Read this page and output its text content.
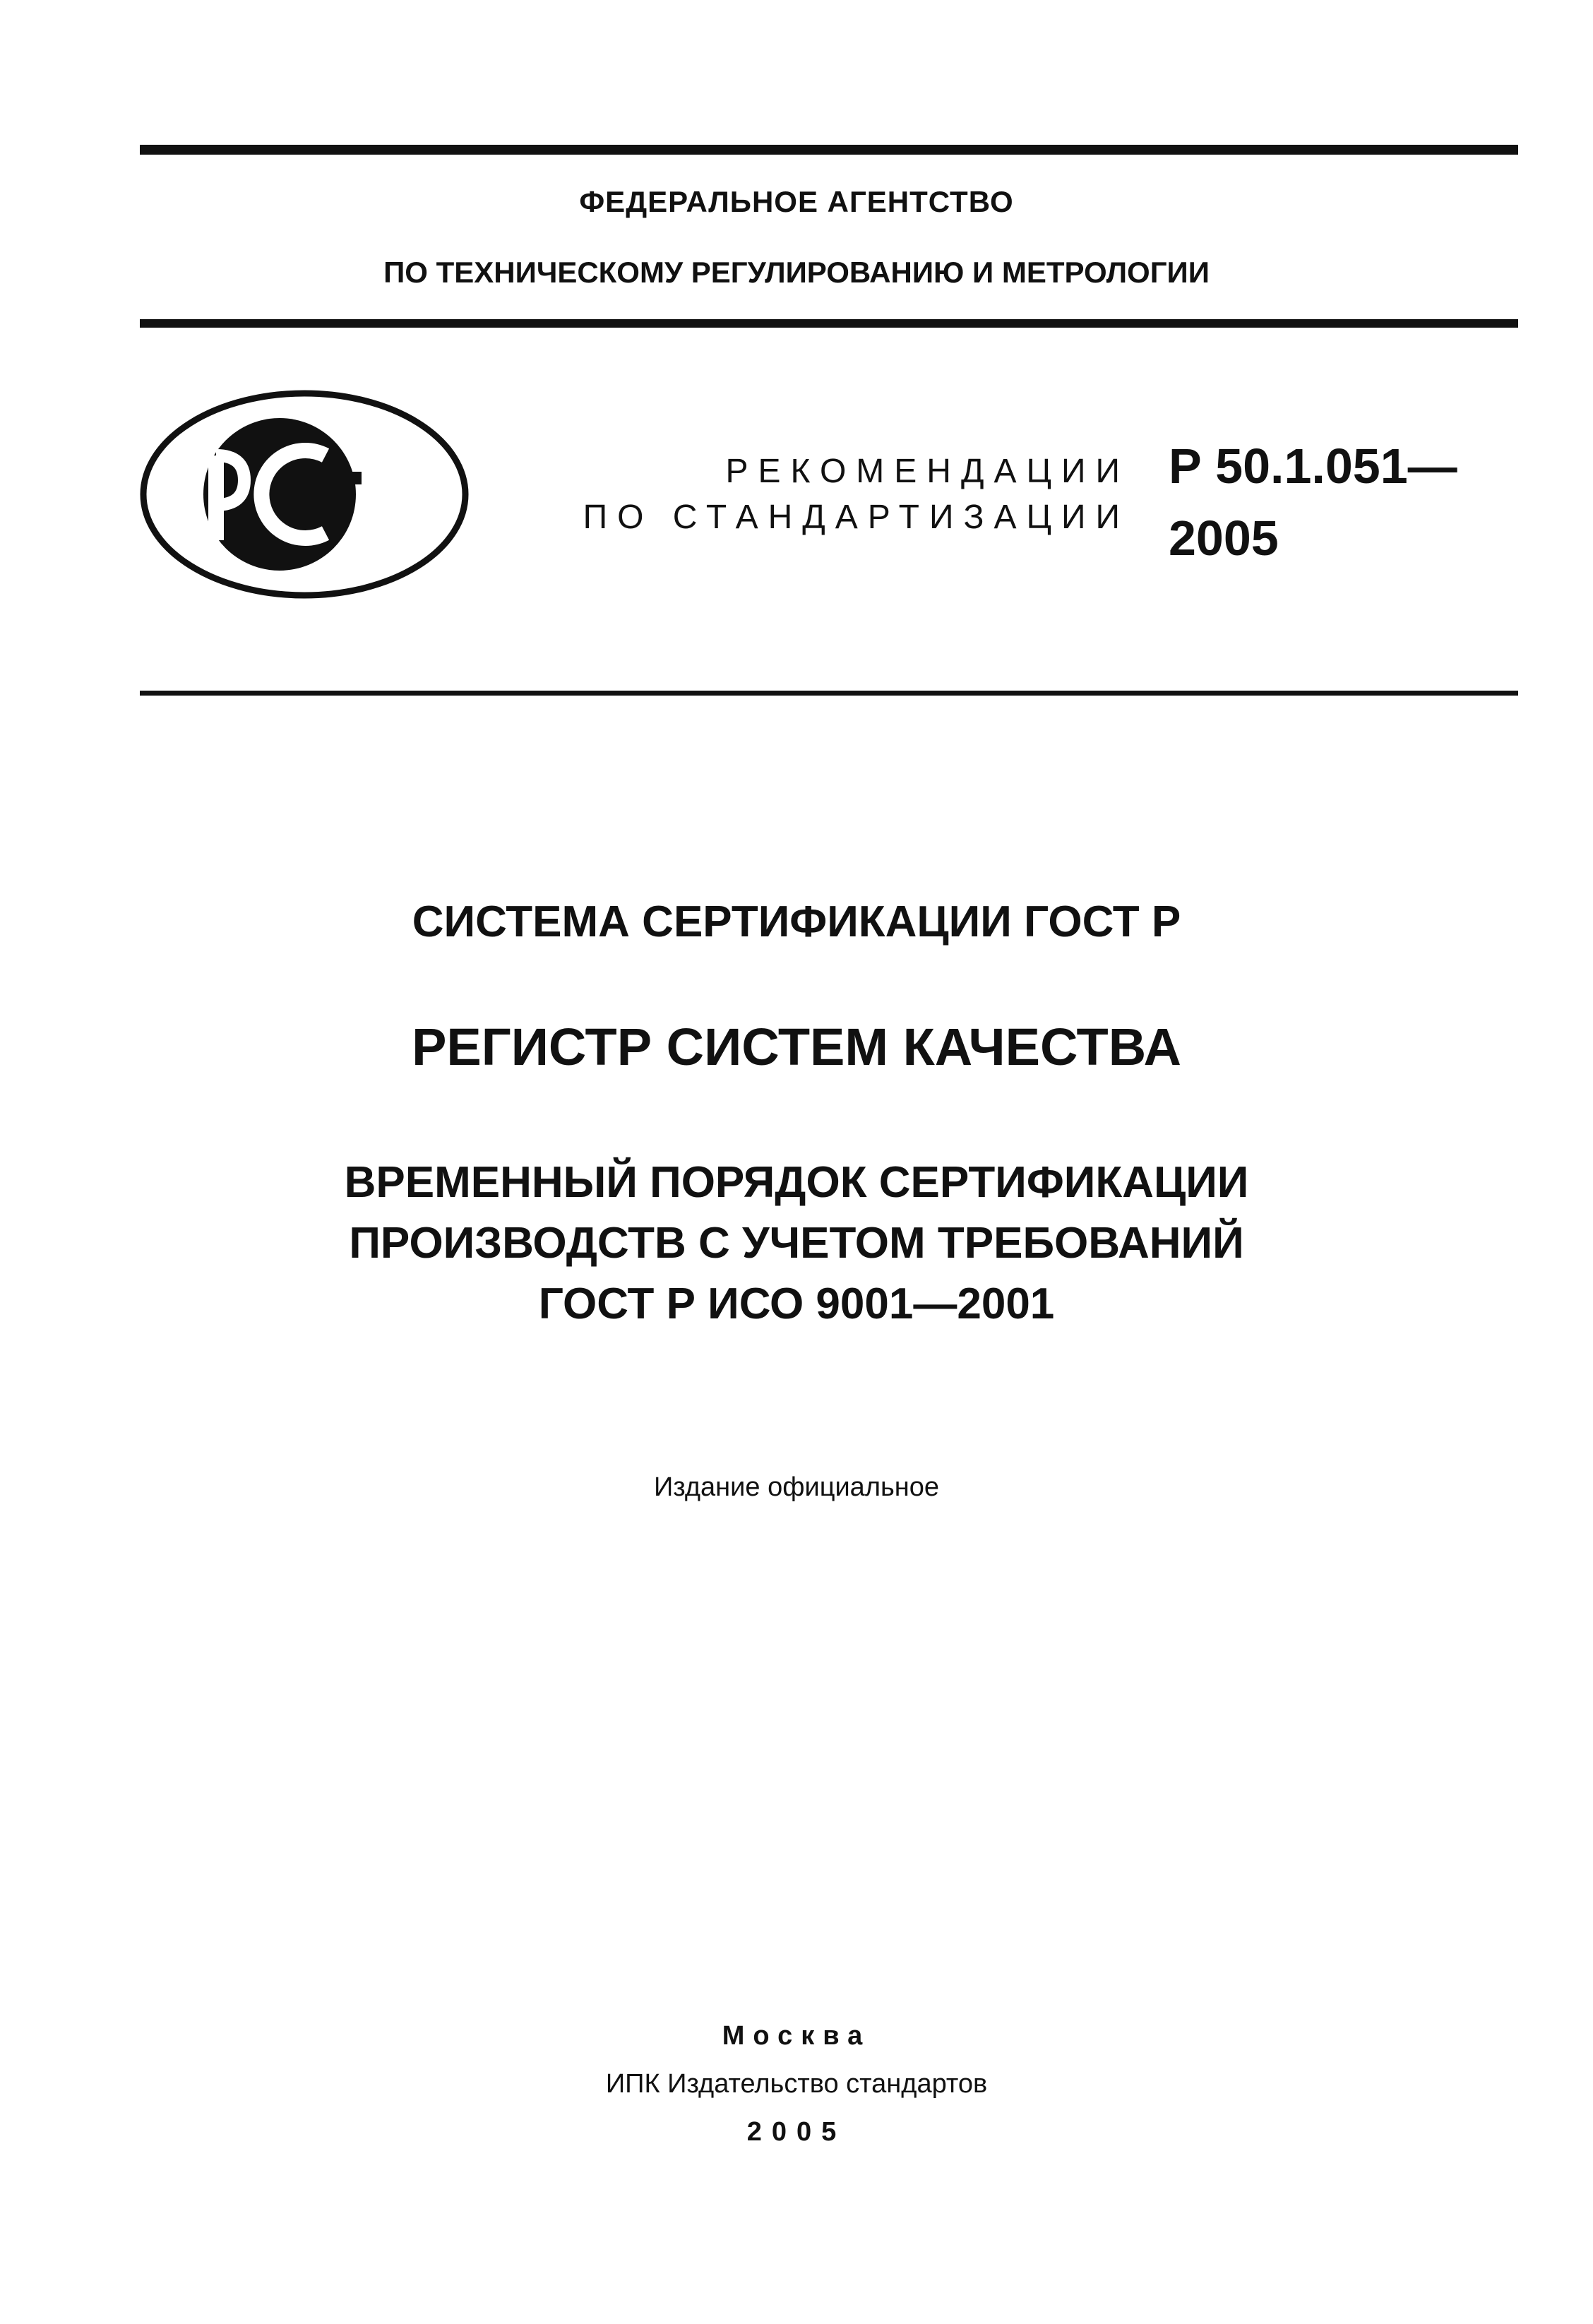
ФЕДЕРАЛЬНОЕ АГЕНТСТВО
ПО ТЕХНИЧЕСКОМУ РЕГУЛИРОВАНИЮ И МЕТРОЛОГИИ
РЕКОМЕНДАЦИИ
ПО СТАНДАРТИЗАЦИИ
Р 50.1.051—
2005
СИСТЕМА СЕРТИФИКАЦИИ ГОСТ Р
РЕГИСТР СИСТЕМ КАЧЕСТВА
ВРЕМЕННЫЙ ПОРЯДОК СЕРТИФИКАЦИИ
ПРОИЗВОДСТВ С УЧЕТОМ ТРЕБОВАНИЙ
ГОСТ Р ИСО 9001—2001
Издание официальное
Москва
ИПК Издательство стандартов
2005
